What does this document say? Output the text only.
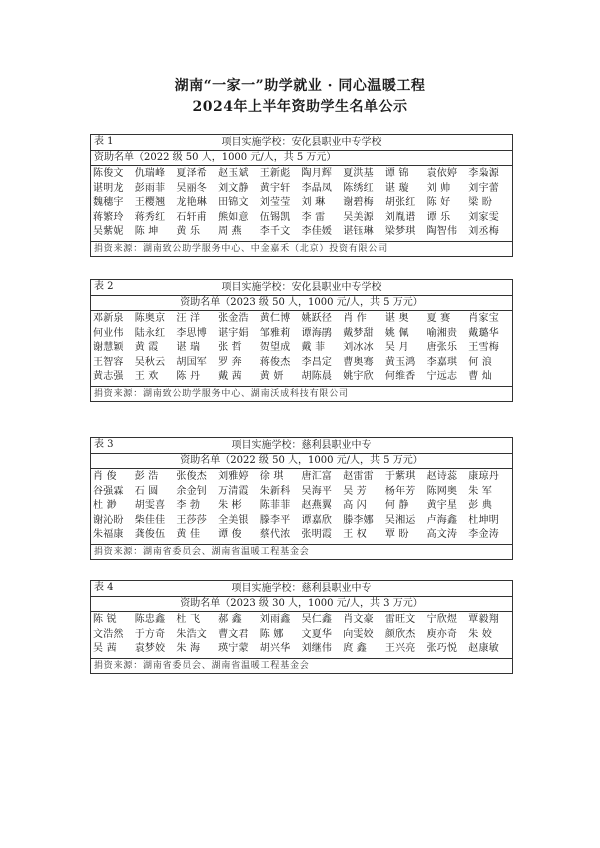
湖南“一家一”助学就业 · 同心温暖工程
2024年上半年资助学生名单公示
表 1	项目实施学校：安化县职业中专学校

资助名单（2022 级 50 人，1000 元/人，共 5 万元）

陈俊文	仇瑞峰	夏泽希	赵玉斌	王新彪	陶月辉	夏洪基	谭 锦	袁依婷	李枭源
谌明龙	彭雨菲	吴丽冬	刘文静	黄宇轩	李晶凤	陈绣红	谌 璇	刘 帅	刘宇蕾
魏穗宇	王樱翘	龙艳琳	田锦文	刘莹莹	刘 琳	谢碧梅	胡张红	陈 好	梁 盼
蒋繁玲	蒋秀红	石轩甫	熊如意	伍锡凯	李 雷	吴美源	刘胤谱	谭 乐	刘家雯
吴紫妮	陈 坤	黄 乐	周 燕	李千文	李佳媛	谌钰琳	梁梦琪	陶智伟	刘丞梅

捐资来源：湖南致公助学服务中心、中金嘉禾（北京）投资有限公司
表 2	项目实施学校：安化县职业中专学校

资助名单（2023 级 50 人，1000 元/人，共 5 万元）

邓新泉	陈奥京	汪 洋	张金浩	黄仁博	姚跃径	肖 作	谌 奥	夏 赛	肖家宝
何业伟	陆永红	李思博	谌宇娟	邹雅莉	谭海鹃	戴梦甜	姚 佩	喻湘贵	戴璐华
谢慧颖	黄 霞	谌 瑞	张 哲	贺望成	戴 菲	刘冰冰	吴 月	唐张乐	王雪梅
王智容	吴秋云	胡国军	罗 奔	蒋俊杰	李昌定	曹奥骞	黄玉鸿	李嘉琪	何 浪
黄志强	王 欢	陈 丹	戴 茜	黄 妍	胡陈晨	姚宇欣	何维香	宁远志	曹 灿

捐资来源：湖南致公助学服务中心、湖南沃成科技有限公司
表 3	项目实施学校：慈利县职业中专

资助名单（2022 级 50 人，1000 元/人，共 5 万元）

肖 俊	彭 浩	张俊杰	刘雅婷	徐 琪	唐汇富	赵雷雷	于紫琪	赵诗蕊	康琼丹
谷强霖	石 圆	余金钊	万清霞	朱新科	吴海平	吴 芳	杨年芳	陈网奥	朱 军
杜 渺	胡雯喜	李 勃	朱 彬	陈菲菲	赵燕翼	高 闪	何 静	黄宇星	彭 典
谢沁盼	柴佳佳	王莎莎	全美银	滕李平	谭嘉欣	滕李娜	吴湘运	卢海鑫	杜坤明
朱福康	龚俊伍	黄 佳	谭 俊	蔡代浓	张明霞	王 权	覃 盼	高文涛	李金涛

捐资来源：湖南省委员会、湖南省温暖工程基金会
表 4	项目实施学校：慈利县职业中专

资助名单（2023 级 30 人，1000 元/人，共 3 万元）

陈 锐	陈忠鑫	杜 飞	郝 鑫	刘雨鑫	吴仁鑫	肖文豪	雷旺文	宁欣煜	覃毅翔
文浩然	于方奇	朱浩文	曹文君	陈 娜	文夏华	向雯姣	颜欣杰	庾亦奇	朱 姣
吴 茜	袁梦姣	朱 海	瑛宁蒙	胡兴华	刘继伟	庹 鑫	王兴亮	张巧悦	赵康敏

捐资来源：湖南省委员会、湖南省温暖工程基金会
